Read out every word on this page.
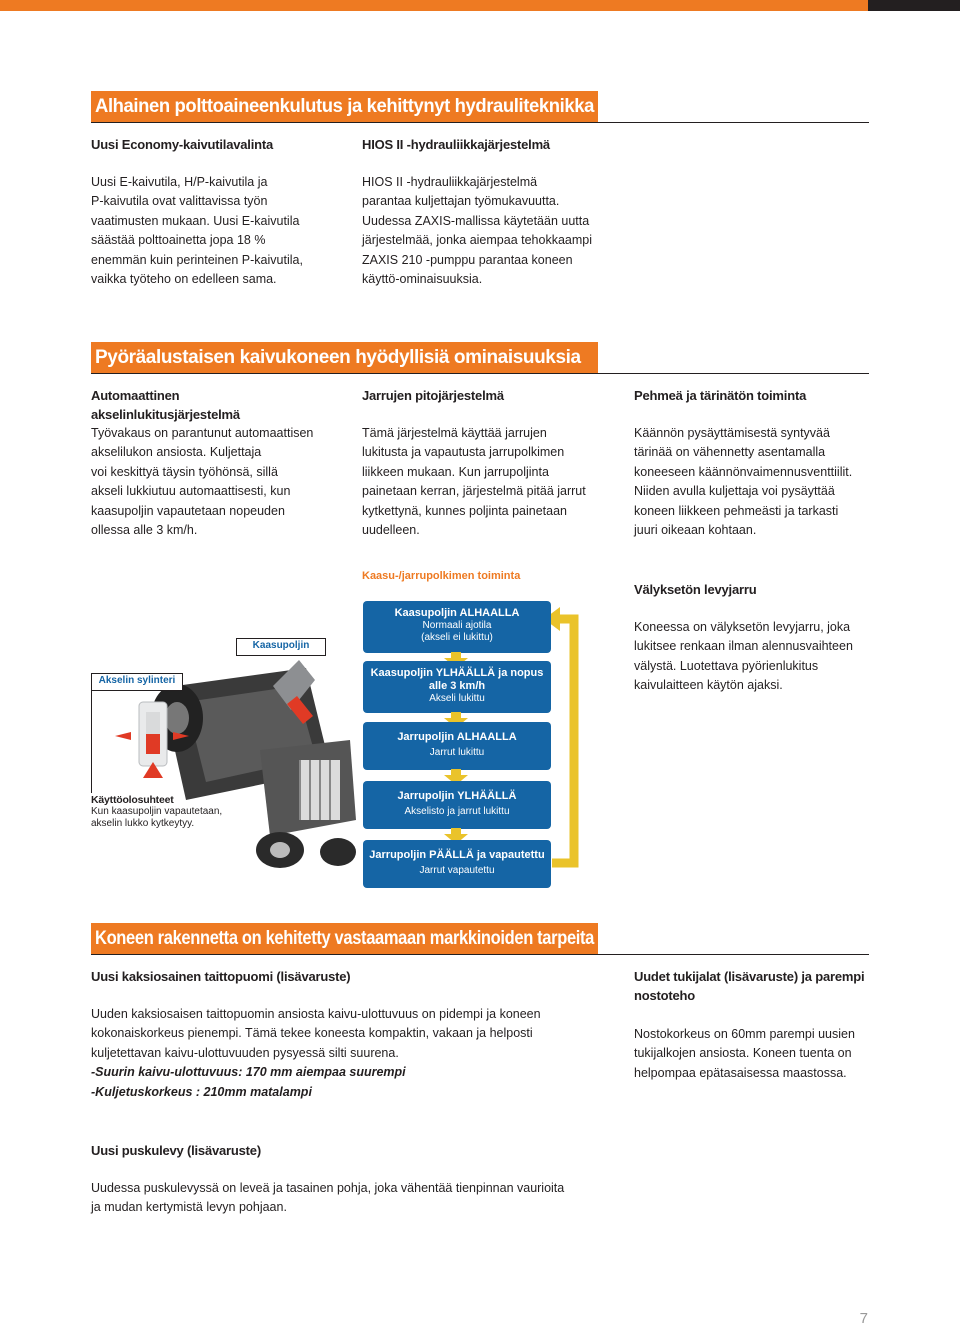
Alhainen polttoaineenkulutus ja kehittynyt hydrauliteknikka
Uusi Economy-kaivutilavalinta
Uusi E-kaivutila, H/P-kaivutila ja
P-kaivutila ovat valittavissa työn
vaatimusten mukaan. Uusi E-kaivutila
säästää polttoainetta jopa 18 %
enemmän kuin perinteinen P-kaivutila,
vaikka työteho on edelleen sama.
HIOS II -hydrauliikkajärjestelmä
HIOS II -hydrauliikkajärjestelmä
parantaa kuljettajan työmukavuutta.
Uudessa ZAXIS-mallissa käytetään uutta
järjestelmää, jonka aiempaa tehokkaampi
ZAXIS 210 -pumppu parantaa koneen
käyttö-ominaisuuksia.
Pyöräalustaisen kaivukoneen hyödyllisiä ominaisuuksia
Automaattinen
akselinlukitusjärjestelmä
Työvakaus on parantunut automaattisen
akselilukon ansiosta. Kuljettaja
voi keskittyä täysin työhönsä, sillä
akseli lukkiutuu automaattisesti, kun
kaasupoljin vapautetaan nopeuden
ollessa alle 3 km/h.
Jarrujen pitojärjestelmä
Tämä järjestelmä käyttää jarrujen
lukitusta ja vapautusta jarrupolkimen
liikkeen mukaan. Kun jarrupoljinta
painetaan kerran, järjestelmä pitää jarrut
kytkettynä, kunnes poljinta painetaan
uudelleen.
Pehmeä ja tärinätön toiminta
Käännön pysäyttämisestä syntyvää
tärinää on vähennetty asentamalla
koneeseen käännönvaimennusventtiilit.
Niiden avulla kuljettaja voi pysäyttää
koneen liikkeen pehmeästi ja tarkasti
juuri oikeaan kohtaan.
Akselin sylinteri
Kaasupoljin
Käyttöolosuhteet
Kun kaasupoljin vapautetaan,
akselin lukko kytkeytyy.
Kaasu-/jarrupolkimen toiminta
Kaasupoljin ALHAALLA
Normaali ajotila
(akseli ei lukittu)
Kaasupoljin YLHÄÄLLÄ ja nopus
alle 3 km/h
Akseli lukittu
Jarrupoljin ALHAALLA
Jarrut lukittu
Jarrupoljin YLHÄÄLLÄ
Akselisto ja jarrut lukittu
Jarrupoljin PÄÄLLÄ ja vapautettu
Jarrut vapautettu
Välyksetön levyjarru
Koneessa on välyksetön levyjarru, joka
lukitsee renkaan ilman alennusvaihteen
välystä. Luotettava pyörienlukitus
kaivulaitteen käytön ajaksi.
Koneen rakennetta on kehitetty vastaamaan markkinoiden tarpeita
Uusi kaksiosainen taittopuomi (lisävaruste)
Uuden kaksiosaisen taittopuomin ansiosta kaivu-ulottuvuus on pidempi ja koneen
kokonaiskorkeus pienempi. Tämä tekee koneesta kompaktin, vakaan ja helposti
kuljetettavan kaivu-ulottuvuuden pysyessä silti suurena.
-Suurin kaivu-ulottuvuus: 170 mm aiempaa suurempi
-Kuljetuskorkeus : 210mm matalampi
Uudet tukijalat (lisävaruste) ja parempi
nostoteho
Nostokorkeus on 60mm parempi uusien
tukijalkojen ansiosta. Koneen tuenta on
helpompaa epätasaisessa maastossa.
Uusi puskulevy (lisävaruste)
Uudessa puskulevyssä on leveä ja tasainen pohja, joka vähentää tienpinnan vaurioita
ja mudan kertymistä levyn pohjaan.
7
